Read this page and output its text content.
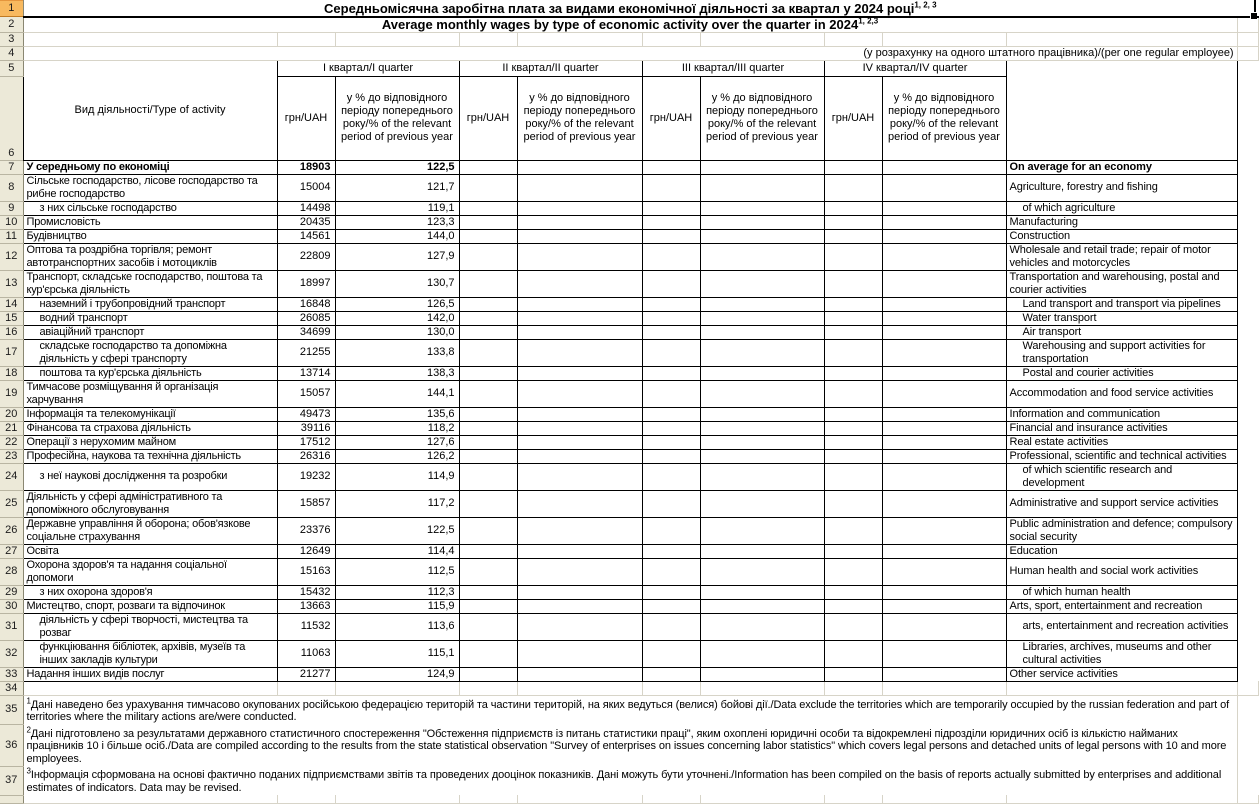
1	Середньомісячна заробітна плата за видами економічної діяльності за квартал у 2024 році$^{1, 2, 3}$	
2	Average monthly wages by type of economic activity over the quarter in 2024$^{1, 2,3}$	
3											
4	(у розрахунку на одного штатного працівника)/(per one regular employee)										
5	Вид діяльності/Type of activity	I квартал/I quarter		II квартал/II quarter		III квартал/III quarter		IV квартал/IV quarter			
6		грн/UAH	у % до відповідного періоду попереднього року/% of the relevant period of previous year	грн/UAH	у % до відповідного періоду попереднього року/% of the relevant period of previous year	грн/UAH	у % до відповідного періоду попереднього року/% of the relevant period of previous year	грн/UAH	у % до відповідного періоду попереднього року/% of the relevant period of previous year		
7	У середньому по економіці	18903	122,5							On average for an economy	
8	Сільське господарство, лісове господарство та рибне господарство	15004	121,7							Agriculture, forestry and fishing	
9	з них сільське господарство	14498	119,1							of which agriculture	
10	Промисловість	20435	123,3							Manufacturing	
11	Будівництво	14561	144,0							Construction	
12	Оптова та роздрібна торгівля; ремонт автотранспортних засобів і мотоциклів	22809	127,9							Wholesale and retail trade; repair of motor vehicles and motorcycles	
13	Транспорт, складське господарство, поштова та кур'єрська діяльність	18997	130,7							Transportation and warehousing, postal and courier activities	
14	наземний і трубопровідний транспорт	16848	126,5							Land transport and transport via pipelines	

15	водний транспорт	26085	142,0							Water transport	
16	авіаційний транспорт	34699	130,0							Air transport	
17	складське господарство та допоміжна діяльність у сфері транспорту	21255	133,8							Warehousing and support activities for transportation	
18	поштова та кур'єрська діяльність	13714	138,3							Postal and courier activities	
19	Тимчасове розміщування й організація харчування	15057	144,1							Accommodation and food service activities	
20	Інформація та телекомунікації	49473	135,6							Information and communication	
21	Фінансова та страхова діяльність	39116	118,2							Financial and insurance activities	
22	Операції з нерухомим майном	17512	127,6							Real estate activities	
23	Професійна, наукова та технічна діяльність	26316	126,2							Professional, scientific and technical activities	
24	з неї наукові дослідження та розробки	19232	114,9							of which scientific research and development	
25	Діяльність у сфері адміністративного та допоміжного обслуговування	15857	117,2							Administrative and support service activities	
26	Державне управління й оборона; обов'язкове соціальне страхування	23376	122,5							Public administration and defence; compulsory social security	
27	Освіта	12649	114,4							Education	
28	Охорона здоров'я та надання соціальної допомоги	15163	112,5							Human health and social work activities	
29	з них охорона здоров'я	15432	112,3							of which human health	
30	Мистецтво, спорт, розваги та відпочинок	13663	115,9							Arts, sport, entertainment and recreation	
31	діяльність у сфері творчості, мистецтва та розваг	11532	113,6							arts, entertainment and recreation activities	
32	функціювання бібліотек, архівів, музеїв та інших закладів культури	11063	115,1							Libraries, archives, museums and other cultural activities	
33	Надання інших видів послуг	21277	124,9							Other service activities	
34											
35	$^1$Дані наведено без урахування тимчасово окупованих російською федерацією територій та частини територій, на яких ведуться (велися) бойові дії./Data exclude the territories which are temporarily occupied by the russian federation and part of territories where the military actions are/were conducted.										
36	$^2$Дані підготовлено за результатами державного статистичного спостереження "Обстеження підприємств із питань статистики праці", яким охоплені юридичні особи та відокремлені підрозділи юридичних осіб із кількістю найманих працівників 10 і більше осіб./Data are compiled according to the results from the state statistical observation "Survey of enterprises on issues concerning labor statistics" which covers legal persons and detached units of legal persons with 10 and more employees.										
37	$^3$Інформація сформована на основі фактично поданих підприємствами звітів та проведених дооцінок показників. Дані можуть бути уточнені./Information has been compiled on the basis of reports actually submitted by enterprises and additional estimates of indicators. Data may be revised.										
